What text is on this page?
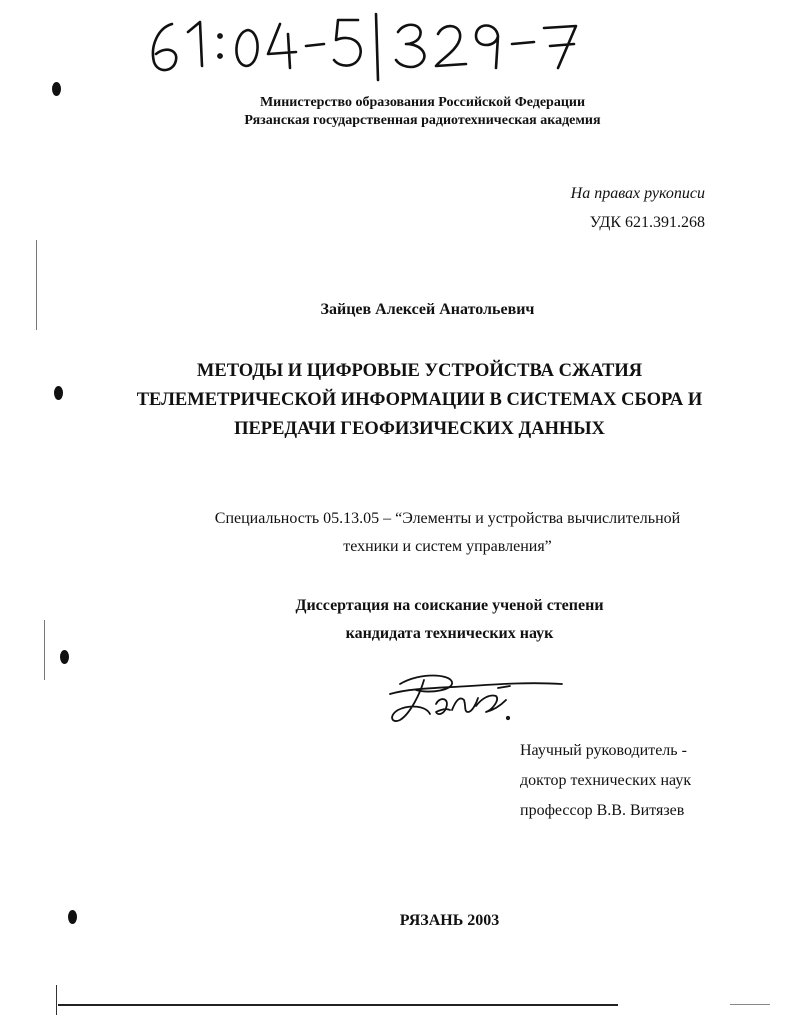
Министерство образования Российской Федерации
Рязанская государственная радиотехническая академия
На правах рукописи
УДК 621.391.268
Зайцев Алексей Анатольевич
МЕТОДЫ И ЦИФРОВЫЕ УСТРОЙСТВА СЖАТИЯ
ТЕЛЕМЕТРИЧЕСКОЙ ИНФОРМАЦИИ В СИСТЕМАХ СБОРА И
ПЕРЕДАЧИ ГЕОФИЗИЧЕСКИХ ДАННЫХ
Специальность 05.13.05 – “Элементы и устройства вычислительной
техники и систем управления”
Диссертация на соискание ученой степени
кандидата технических наук
Научный руководитель -
доктор технических наук
профессор В.В. Витязев
РЯЗАНЬ 2003
